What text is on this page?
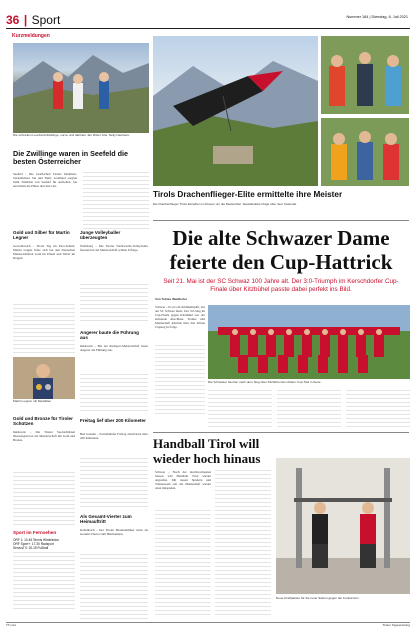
36 | Sport	Nummer 184 | Dienstag, 6. Juli 2021
Kurzmeldungen
Die schnellen Leonhard-Zwillinge, vorne und dahinter Jan Ritzer bzw. Nelly Neuhaus.
Die Zwillinge waren in Seefeld die besten Österreicher

Seefeld – Die zweifachen Tiroler Duathlon-Staatsmeister Jan und Nelly Leonhard sorgten beim Triathlon von Seefeld für Aufsehen. Sie erreichten die Plätze drei und vier.

Gold und Silber für Martin Legner
Grevenbroich – Tirols Tag im Para-Tennis: Martin Legner holte sich bei den Deutschen Meisterschaften Gold im Einzel und Silber im Doppel.
Martin Legner mit Medaillen
Gold und Bronze für Tiroler Schützen
Innsbruck – Die Tiroler Sportschützen überzeugten bei der Meisterschaft mit Gold und Bronze.
Sport im Fernsehen
ORF 1: 10.45 Tennis Wimbledon
ORF Sport+: 17.30 Radsport
ServusTV: 20.15 Fußball
Junge Volleyballer überzeugten
Wolfsberg – Die Tiroler Nachwuchs-Volleyballer feierten bei der Meisterschaft schöne Erfolge.
Angerer baute die Führung aus
Innsbruck – Bei der Radsport-Meisterschaft baute Angerer die Führung aus.
Freitag lief über 200 Kilometer
Bad Gastein – Extremläufer Freitag absolvierte über 200 Kilometer.
Als Gesamt-Vierter zum Heimauftritt
Kaltenbach – Der Tiroler Mountainbiker reiste als Gesamt-Vierter zum Heimrennen.
Tirols Drachenflieger-Elite ermittelte ihre Meister
Die Drachenflieger Tirols kämpften in Kössen um die Meistertitel. Spektakuläre Flüge über dem Kaisertal.
Die alte Schwazer Dame
feierte den Cup-Hattrick
Seit 21. Mai ist der SC Schwaz 100 Jahre alt. Der 3:0-Triumph im Kerschdorfer Cup-Finale über Kitzbühel passte dabei perfekt ins Bild.
Von Tobias Waidhofer
Schwaz – Es ist ein Jubiläumsjahr, das der SC Schwaz feiert. Der 3:0-Sieg im Cup-Finale gegen Kitzbühel war der krönende Abschluss. Trainer und Mannschaft jubelten über den dritten Cupsieg in Folge.
Die Schwazer feierten nach dem Sieg über Kitzbühel den dritten Cup-Titel in Serie.
Handball Tirol will
wieder hoch hinaus
Schwaz – Nach der durchwachsenen Saison will Handball Tirol wieder angreifen. Mit neuen Spielern und Trainerteam soll die Mannschaft wieder oben mitspielen.
Neue Kraftpakete für die neue Saison gegen die Konkurrenz.
TT.com	Tiroler Tageszeitung
